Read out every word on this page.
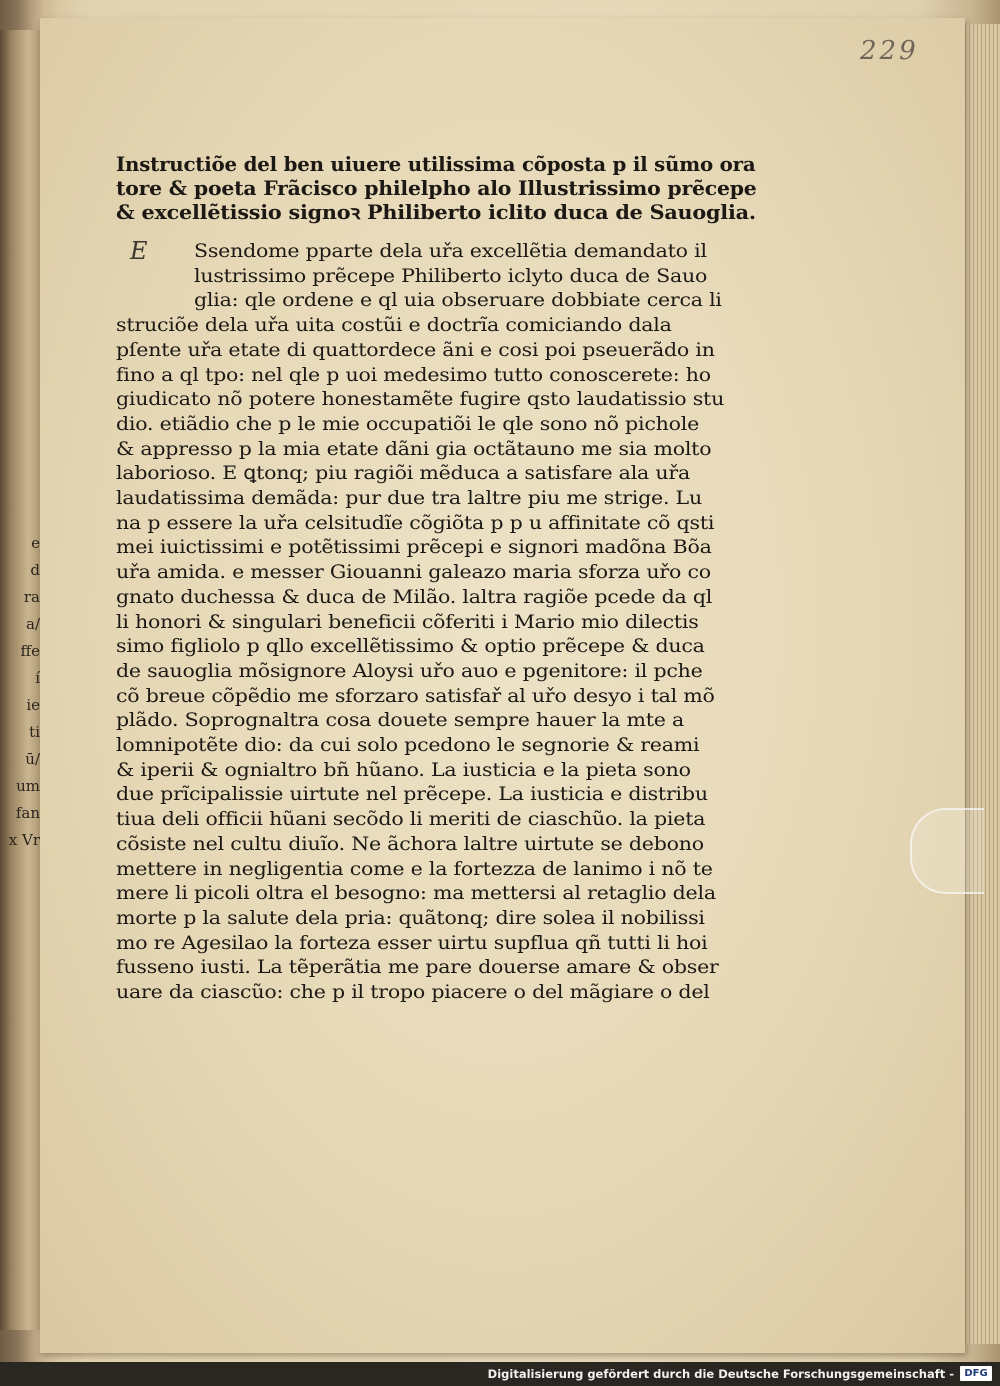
e
d
ra
a/
ffe
í
ie
ti
ū/
um
fan
x Vr
229
Instructiõe del ben uiuere utilissima cõposta p il sũmo ora
tore & poeta Frãcisco philelpho alo Illustrissimo prẽcepe
& excellẽtissio signoꝛ Philiberto iclito duca de Sauoglia.
E	Ssendome pparte dela uřa excellẽtia demandato il
lustrissimo prẽcepe Philiberto iclyto duca de Sauo
glia: qle ordene e ql uia obseruare dobbiate cerca li
struciõe dela uřa uita costũi e doctrĩa comiciando dala
pſente uřa etate di quattordece ãni e cosi poi pseuerãdo in
fino a ql tpo: nel qle p uoi medesimo tutto conoscerete: ho
giudicato nõ potere honestamẽte fugire qsto laudatissio stu
dio. etiãdio che p le mie occupatiõi le qle sono nõ pichole
& appresso p la mia etate dãni gia octãtauno me sia molto
laborioso. E ꝗtonq; piu ragiõi mẽduca a satisfare ala uřa
laudatissima demãda: pur due tra laltre piu me strige. Lu
na p essere la uřa celsitudĩe cõgiõta p p u affinitate cõ qsti
mei iuictissimi e potẽtissimi prẽcepi e signori madõna Bõa
uřa amida. e messer Giouanni galeazo maria sforza uřo co
gnato duchessa & duca de Milão. laltra ragiõe pcede da ql
li honori & singulari beneficii cõferiti i Mario mio dilectis
simo figliolo p qllo excellẽtissimo & optio prẽcepe & duca
de sauoglia mõsignore Aloysi uřo auo e pgenitore: il pche
cõ breue cõpẽdio me sforzaro satisfař al uřo desyo i tal mõ
plãdo. Soprognaltra cosa douete sempre hauer la mte a
lomnipotẽte dio: da cui solo pcedono le segnorie & reami
& iperii & ognialtro bñ hũano. La iusticia e la pieta sono
due prĩcipalissie uirtute nel prẽcepe. La iusticia e distribu
tiua deli officii hũani secõdo li meriti de ciaschũo. la pieta
cõsiste nel cultu diuĩo. Ne ãchora laltre uirtute se debono
mettere in negligentia come e la fortezza de lanimo i nõ te
mere li picoli oltra el besogno: ma mettersi al retaglio dela
morte p la salute dela pria: quãtonq; dire solea il nobilissi
mo re Agesilao la forteza esser uirtu supflua qñ tutti li hoi
fusseno iusti. La tẽperãtia me pare douerse amare & obser
uare da ciascũo: che p il tropo piacere o del mãgiare o del
Digitalisierung gefördert durch die Deutsche Forschungsgemeinschaft -	DFG
